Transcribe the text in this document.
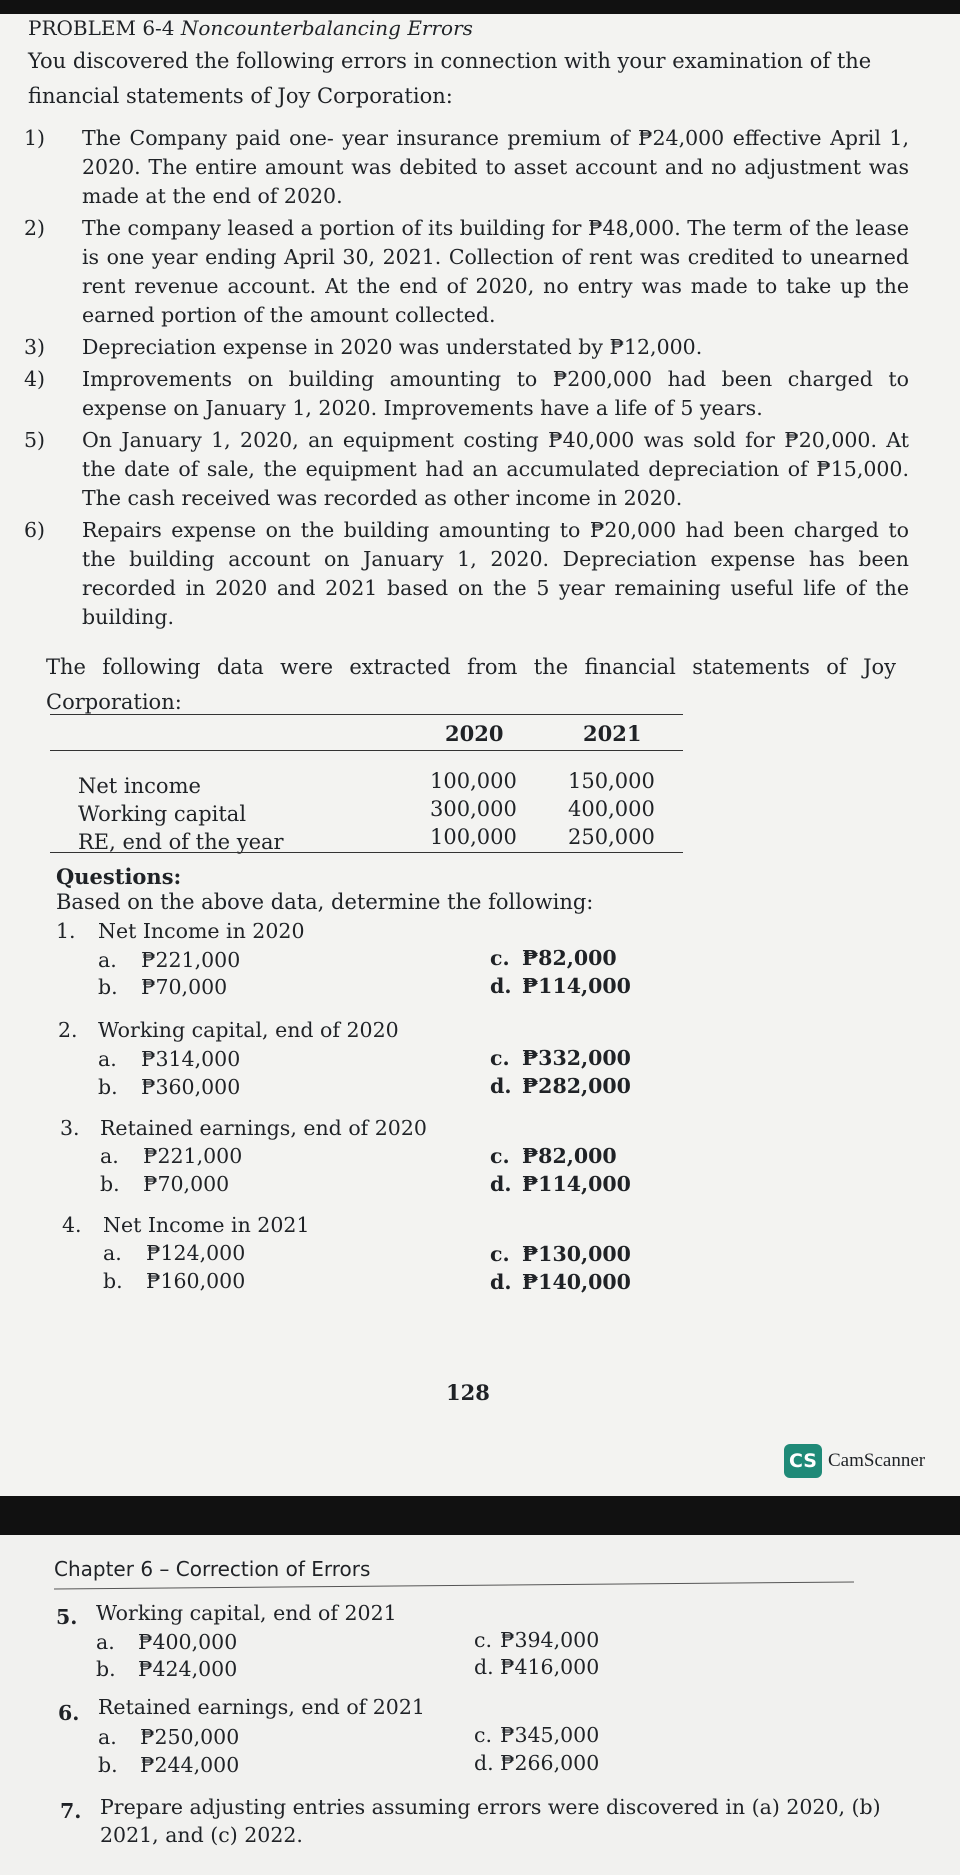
PROBLEM 6-4 Noncounterbalancing Errors
You discovered the following errors in connection with your examination of the financial statements of Joy Corporation:
1)	The Company paid one- year insurance premium of ₱24,000 effective April 1, 2020. The entire amount was debited to asset account and no adjustment was made at the end of 2020.
2)	The company leased a portion of its building for ₱48,000. The term of the lease is one year ending April 30, 2021. Collection of rent was credited to unearned rent revenue account. At the end of 2020, no entry was made to take up the earned portion of the amount collected.
3)	Depreciation expense in 2020 was understated by ₱12,000.
4)	Improvements on building amounting to ₱200,000 had been charged to expense on January 1, 2020. Improvements have a life of 5 years.
5)	On January 1, 2020, an equipment costing ₱40,000 was sold for ₱20,000. At the date of sale, the equipment had an accumulated depreciation of ₱15,000. The cash received was recorded as other income in 2020.
6)	Repairs expense on the building amounting to ₱20,000 had been charged to the building account on January 1, 2020. Depreciation expense has been recorded in 2020 and 2021 based on the 5 year remaining useful life of the building.
The following data were extracted from the financial statements of Joy Corporation:
2020	2021
Net income	100,000 150,000
Working capital	300,000 400,000
RE, end of the year	100,000 250,000
Questions:
Based on the above data, determine the following:
1. Net Income in 2020
a. ₱221,000
b. ₱70,000
c. ₱82,000
d. ₱114,000
2. Working capital, end of 2020
a. ₱314,000
b. ₱360,000
c. ₱332,000
d. ₱282,000
3. Retained earnings, end of 2020
a. ₱221,000
b. ₱70,000
c. ₱82,000
d. ₱114,000
4. Net Income in 2021
a. ₱124,000
b. ₱160,000
c. ₱130,000
d. ₱140,000
128
CS CamScanner
Chapter 6 – Correction of Errors
5. Working capital, end of 2021
a. ₱400,000
b. ₱424,000
c. ₱394,000
d. ₱416,000
6. Retained earnings, end of 2021
a. ₱250,000
b. ₱244,000
c. ₱345,000
d. ₱266,000
7. Prepare adjusting entries assuming errors were discovered in (a) 2020, (b)
2021, and (c) 2022.
